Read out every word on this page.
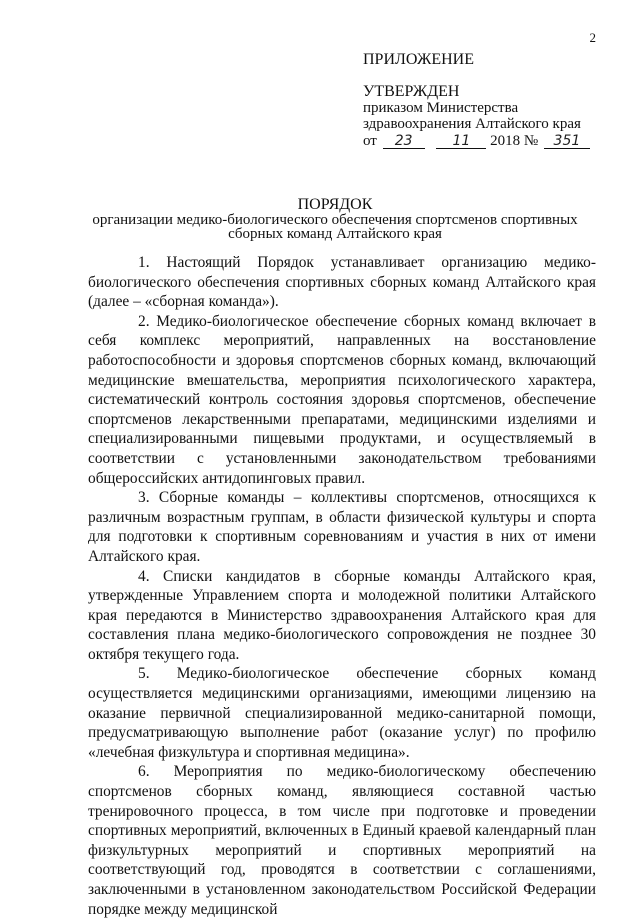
2
ПРИЛОЖЕНИЕ
УТВЕРЖДЕН
приказом Министерства
здравоохранения Алтайского края
от 23	11 2018 № 351
ПОРЯДОК
организации медико-биологического обеспечения спортсменов спортивных
сборных команд Алтайского края

1. Настоящий Порядок устанавливает организацию медико-биологического обеспечения спортивных сборных команд Алтайского края (далее – «сборная команда»).

2. Медико-биологическое обеспечение сборных команд включает в себя комплекс мероприятий, направленных на восстановление работоспособности и здоровья спортсменов сборных команд, включающий медицинские вмешательства, мероприятия психологического характера, систематический контроль состояния здоровья спортсменов, обеспечение спортсменов лекарственными препаратами, медицинскими изделиями и специализированными пищевыми продуктами, и осуществляемый в соответствии с установленными законодательством требованиями общероссийских антидопинговых правил.

3. Сборные команды – коллективы спортсменов, относящихся к различным возрастным группам, в области физической культуры и спорта для подготовки к спортивным соревнованиям и участия в них от имени Алтайского края.

4. Списки кандидатов в сборные команды Алтайского края, утвержденные Управлением спорта и молодежной политики Алтайского края передаются в Министерство здравоохранения Алтайского края для составления плана медико-биологического сопровождения не позднее 30 октября текущего года.

5. Медико-биологическое обеспечение сборных команд осуществляется медицинскими организациями, имеющими лицензию на оказание первичной специализированной медико-санитарной помощи, предусматривающую выполнение работ (оказание услуг) по профилю «лечебная физкультура и спортивная медицина».

6. Мероприятия по медико-биологическому обеспечению спортсменов сборных команд, являющиеся составной частью тренировочного процесса, в том числе при подготовке и проведении спортивных мероприятий, включенных в Единый краевой календарный план физкультурных мероприятий и спортивных мероприятий на соответствующий год, проводятся в соответствии с соглашениями, заключенными в установленном законодательством Российской Федерации порядке между медицинской
